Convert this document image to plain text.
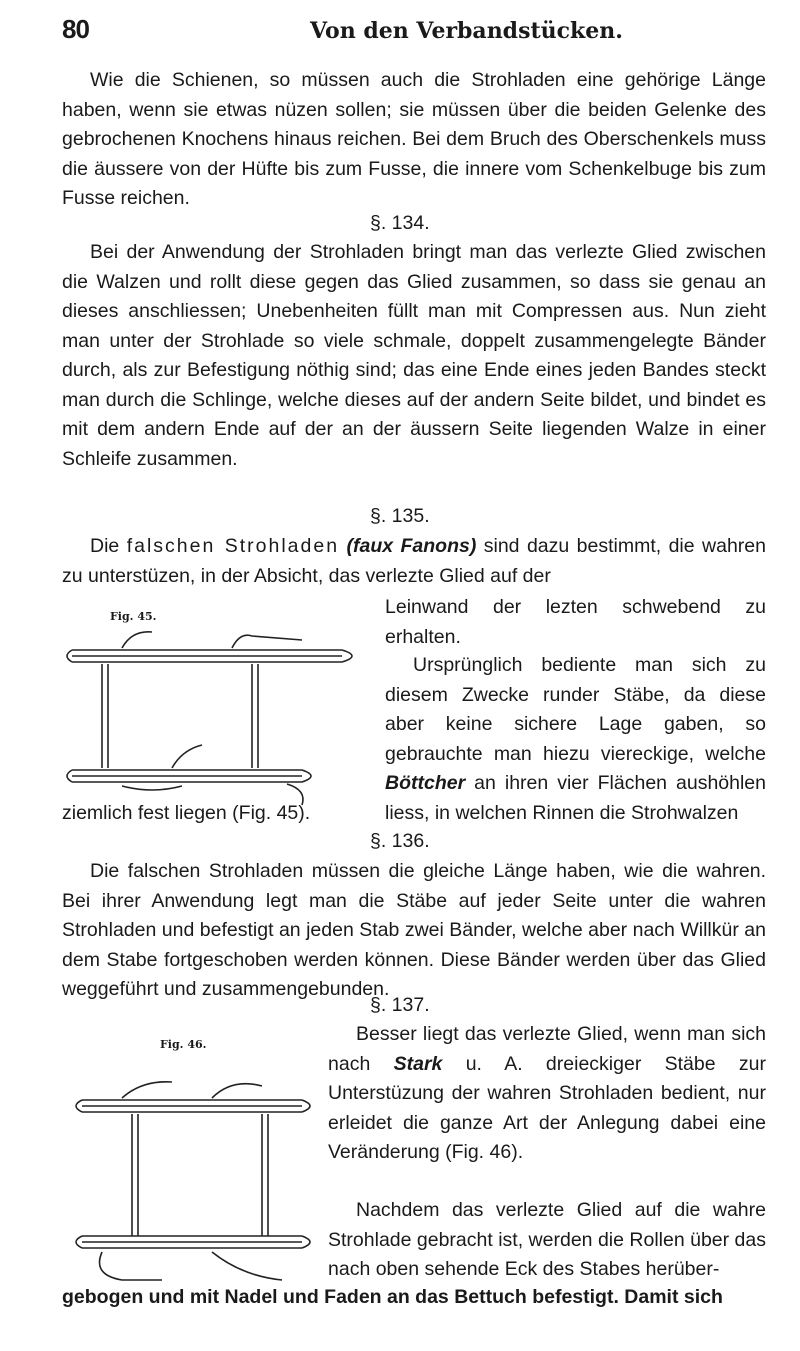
80	Von den Verbandstücken.

Wie die Schienen, so müssen auch die Strohladen eine gehörige Länge haben, wenn sie etwas nüzen sollen; sie müssen über die beiden Gelenke des gebrochenen Knochens hinaus reichen. Bei dem Bruch des Oberschenkels muss die äussere von der Hüfte bis zum Fusse, die innere vom Schenkelbuge bis zum Fusse reichen.

§. 134.

Bei der Anwendung der Strohladen bringt man das verlezte Glied zwischen die Walzen und rollt diese gegen das Glied zusammen, so dass sie genau an dieses anschliessen; Unebenheiten füllt man mit Compressen aus. Nun zieht man unter der Strohlade so viele schmale, doppelt zusammengelegte Bänder durch, als zur Befestigung nöthig sind; das eine Ende eines jeden Bandes steckt man durch die Schlinge, welche dieses auf der andern Seite bildet, und bindet es mit dem andern Ende auf der an der äussern Seite liegenden Walze in einer Schleife zusammen.

§. 135.

Die falschen Strohladen (faux Fanons) sind dazu bestimmt, die wahren zu unterstüzen, in der Absicht, das verlezte Glied auf der

Fig. 45.	Leinwand der lezten schwebend zu erhalten.

Ursprünglich bediente man sich zu diesem Zwecke runder Stäbe, da diese aber keine sichere Lage gaben, so gebrauchte man hiezu viereckige, welche Böttcher an ihren vier Flächen aushöhlen liess, in welchen Rinnen die Strohwalzen

ziemlich fest liegen (Fig. 45).

§. 136.

Die falschen Strohladen müssen die gleiche Länge haben, wie die wahren. Bei ihrer Anwendung legt man die Stäbe auf jeder Seite unter die wahren Strohladen und befestigt an jeden Stab zwei Bänder, welche aber nach Willkür an dem Stabe fortgeschoben werden können. Diese Bänder werden über das Glied weggeführt und zusammengebunden.

§. 137.
Fig. 46.	Besser liegt das verlezte Glied, wenn man sich nach Stark u. A. dreieckiger Stäbe zur Unterstüzung der wahren Strohladen bedient, nur erleidet die ganze Art der Anlegung dabei eine Veränderung (Fig. 46).

Nachdem das verlezte Glied auf die wahre Strohlade gebracht ist, werden die Rollen über das nach oben sehende Eck des Stabes herüber-

gebogen und mit Nadel und Faden an das Bettuch befestigt. Damit sich
